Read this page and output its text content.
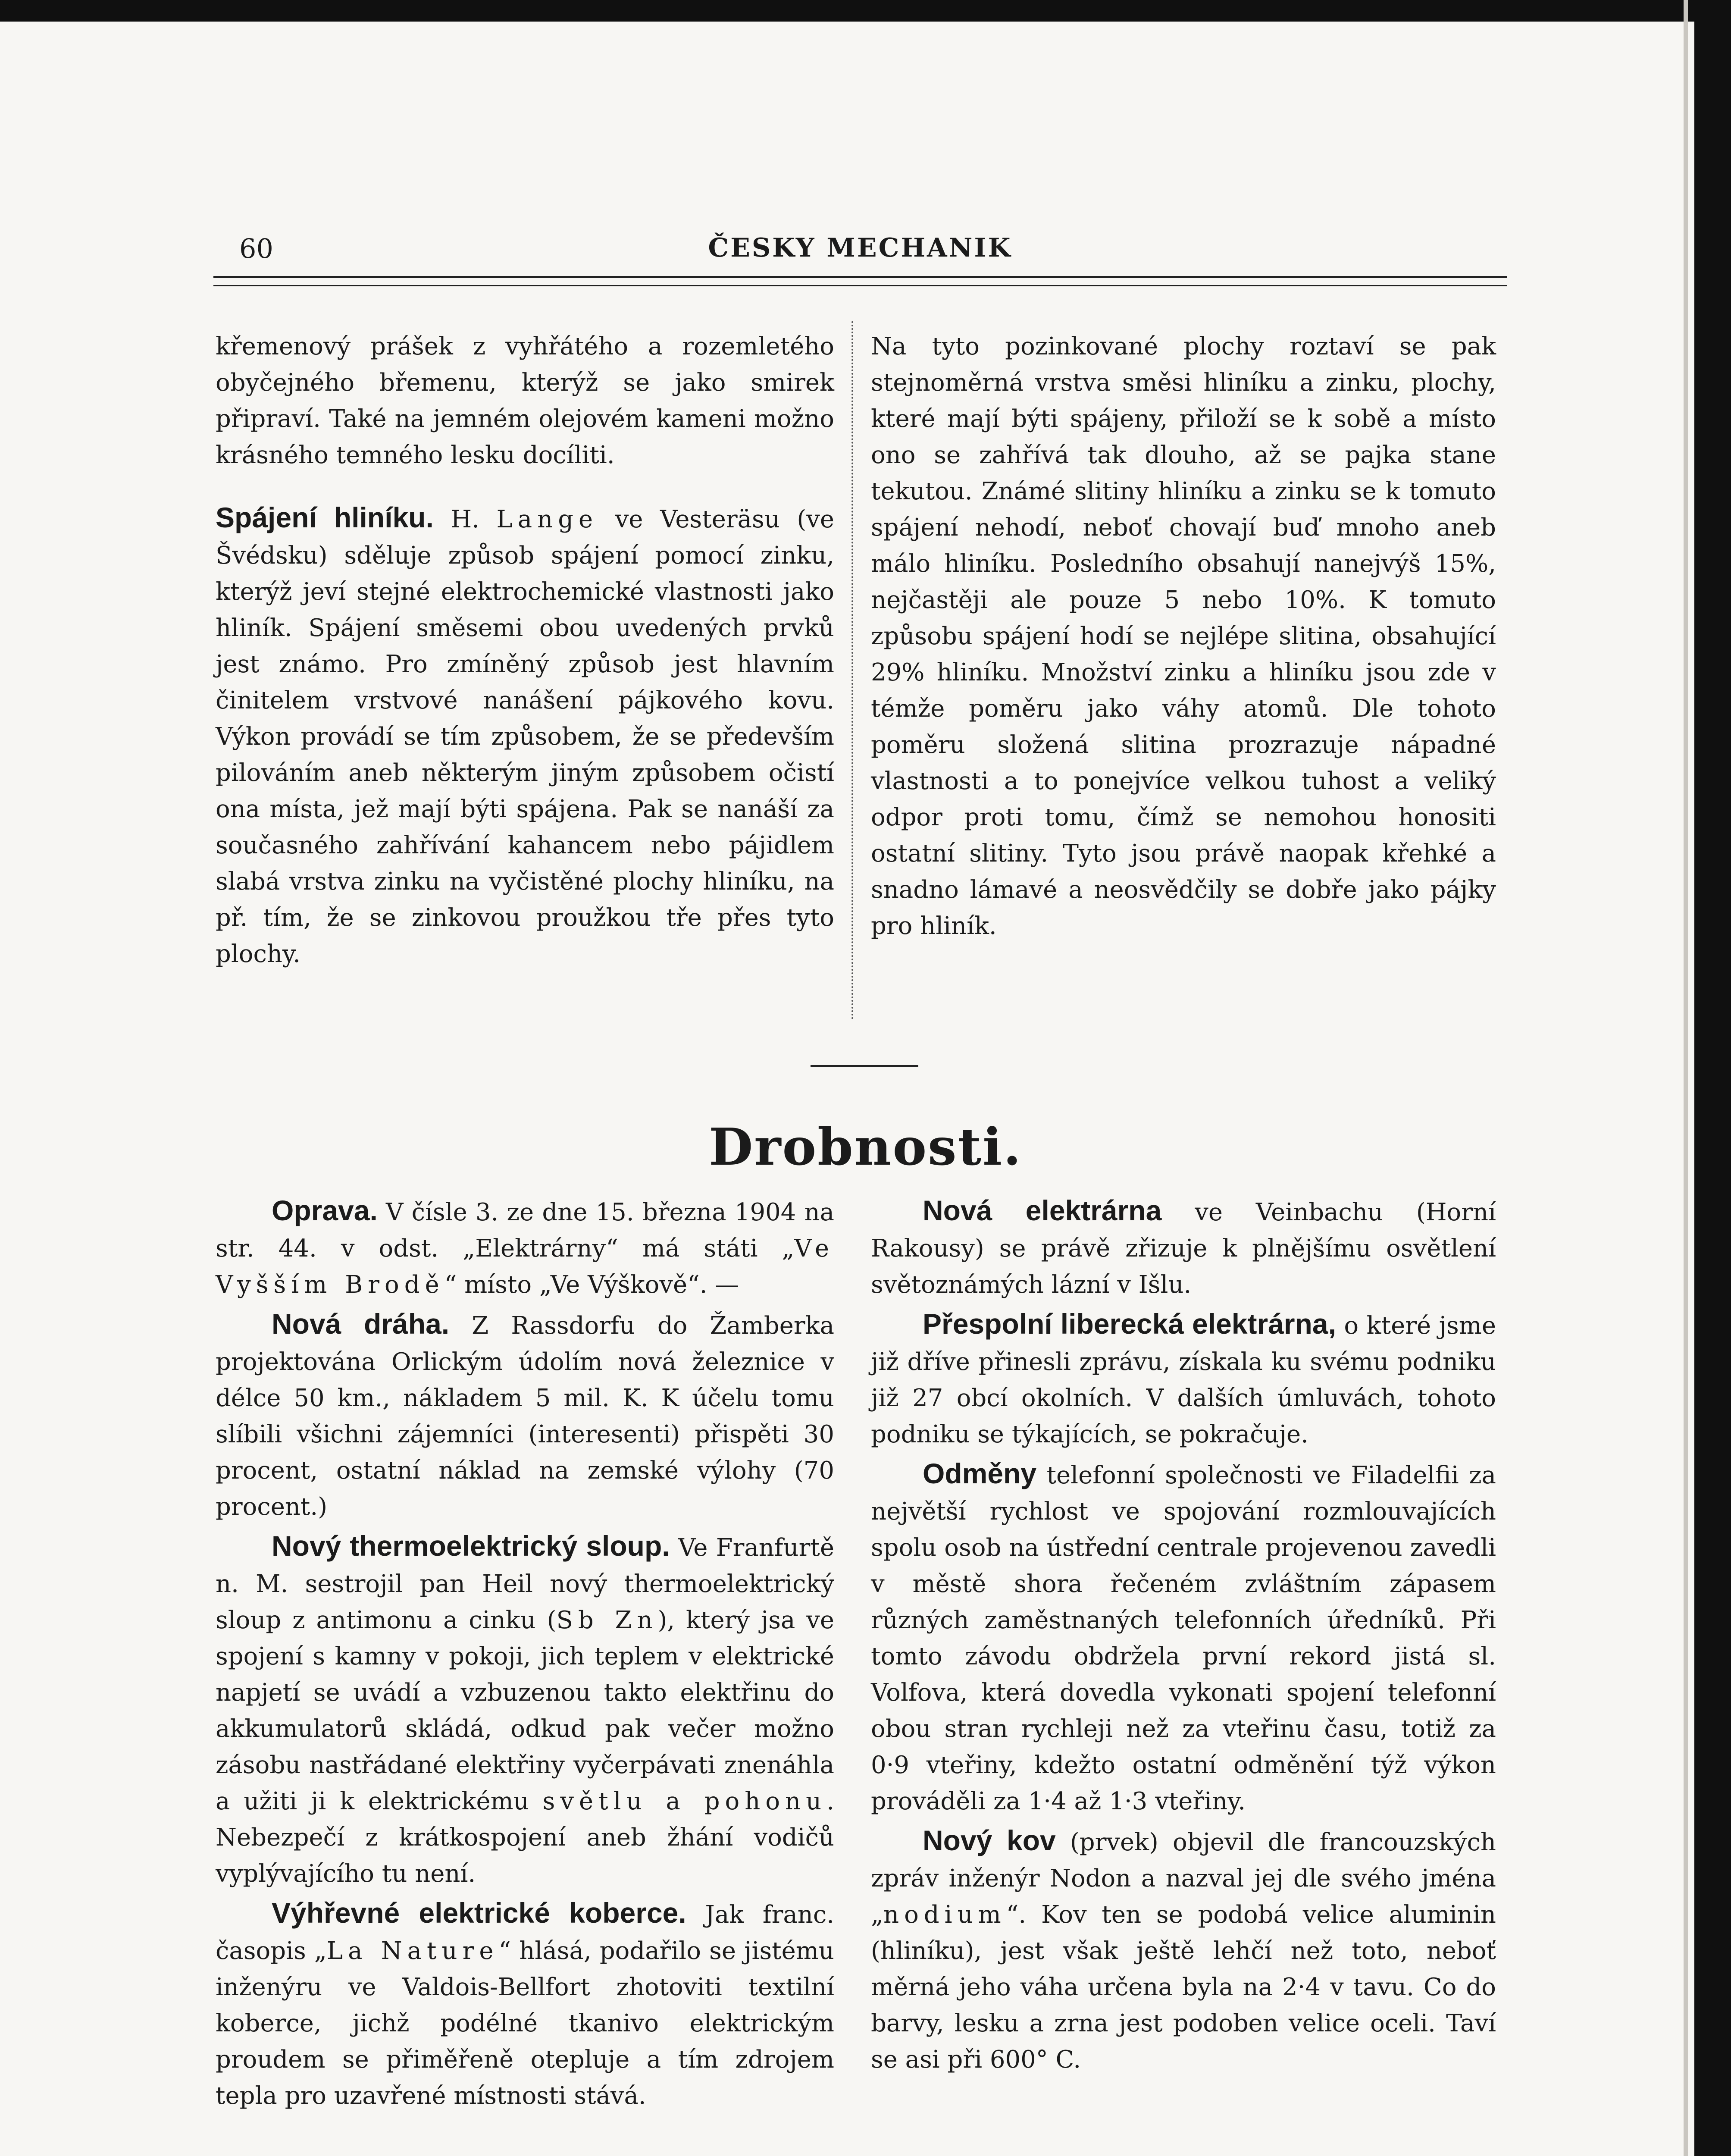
60	ČESKY MECHANIK

křemenový prášek z vyhřátého a rozemletého obyčejného břemenu, kterýž se jako smirek připraví. Také na jemném olejovém kameni možno krásného temného lesku docíliti.

Spájení hliníku. H. Lange ve Vesteräsu (ve Švédsku) sděluje způsob spájení pomocí zinku, kterýž jeví stejné elektrochemické vlastnosti jako hliník. Spájení směsemi obou uvedených prvků jest známo. Pro zmíněný způsob jest hlavním činitelem vrstvové nanášení pájkového kovu. Výkon provádí se tím způsobem, že se především pilováním aneb některým jiným způsobem očistí ona místa, jež mají býti spájena. Pak se nanáší za současného zahřívání kahancem nebo pájidlem slabá vrstva zinku na vyčistěné plochy hliníku, na př. tím, že se zinkovou proužkou tře přes tyto plochy.

Na tyto pozinkované plochy roztaví se pak stejnoměrná vrstva směsi hliníku a zinku, plochy, které mají býti spájeny, přiloží se k sobě a místo ono se zahřívá tak dlouho, až se pajka stane tekutou. Známé slitiny hliníku a zinku se k tomuto spájení nehodí, neboť chovají buď mnoho aneb málo hliníku. Posledního obsahují nanejvýš 15%, nejčastěji ale pouze 5 nebo 10%. K tomuto způsobu spájení hodí se nejlépe slitina, obsahující 29% hliníku. Množství zinku a hliníku jsou zde v témže poměru jako váhy atomů. Dle tohoto poměru složená slitina prozrazuje nápadné vlastnosti a to ponejvíce velkou tuhost a veliký odpor proti tomu, čímž se nemohou honositi ostatní slitiny. Tyto jsou právě naopak křehké a snadno lámavé a neosvědčily se dobře jako pájky pro hliník.

Drobnosti.

Oprava. V čísle 3. ze dne 15. března 1904 na str. 44. v odst. „Elektrárny“ má státi „Ve Vyšším Brodě“ místo „Ve Výškově“. —

Nová dráha. Z Rassdorfu do Žamberka projektována Orlickým údolím nová železnice v délce 50 km., nákladem 5 mil. K. K účelu tomu slíbili všichni zájemníci (interesenti) přispěti 30 procent, ostatní náklad na zemské výlohy (70 procent.)

Nový thermoelektrický sloup. Ve Franfurtě n. M. sestrojil pan Heil nový thermoelektrický sloup z antimonu a cinku (Sb Zn), který jsa ve spojení s kamny v pokoji, jich teplem v elektrické napjetí se uvádí a vzbuzenou takto elektřinu do akkumulatorů skládá, odkud pak večer možno zásobu nastřádané elektřiny vyčerpávati znenáhla a užiti ji k elektrickému světlu a pohonu. Nebezpečí z krátkospojení aneb žhání vodičů vyplývajícího tu není.

Výhřevné elektrické koberce. Jak franc. časopis „La Nature“ hlásá, podařilo se jistému inženýru ve Valdois-Bellfort zhotoviti textilní koberce, jichž podélné tkanivo elektrickým proudem se přiměřeně otepluje a tím zdrojem tepla pro uzavřené místnosti stává.

Nová elektrárna ve Veinbachu (Horní Rakousy) se právě zřizuje k plnějšímu osvětlení světoznámých lázní v Išlu.

Přespolní liberecká elektrárna, o které jsme již dříve přinesli zprávu, získala ku svému podniku již 27 obcí okolních. V dalších úmluvách, tohoto podniku se týkajících, se pokračuje.

Odměny telefonní společnosti ve Filadelfii za největší rychlost ve spojování rozmlouvajících spolu osob na ústřední centrale projevenou zavedli v městě shora řečeném zvláštním zápasem různých zaměstnaných telefonních úředníků. Při tomto závodu obdržela první rekord jistá sl. Volfova, která dovedla vykonati spojení telefonní obou stran rychleji než za vteřinu času, totiž za 0·9 vteřiny, kdežto ostatní odměnění týž výkon prováděli za 1·4 až 1·3 vteřiny.

Nový kov (prvek) objevil dle francouzských zpráv inženýr Nodon a nazval jej dle svého jména „nodium“. Kov ten se podobá velice aluminin (hliníku), jest však ještě lehčí než toto, neboť měrná jeho váha určena byla na 2·4 v tavu. Co do barvy, lesku a zrna jest podoben velice oceli. Taví se asi při 600° C.
